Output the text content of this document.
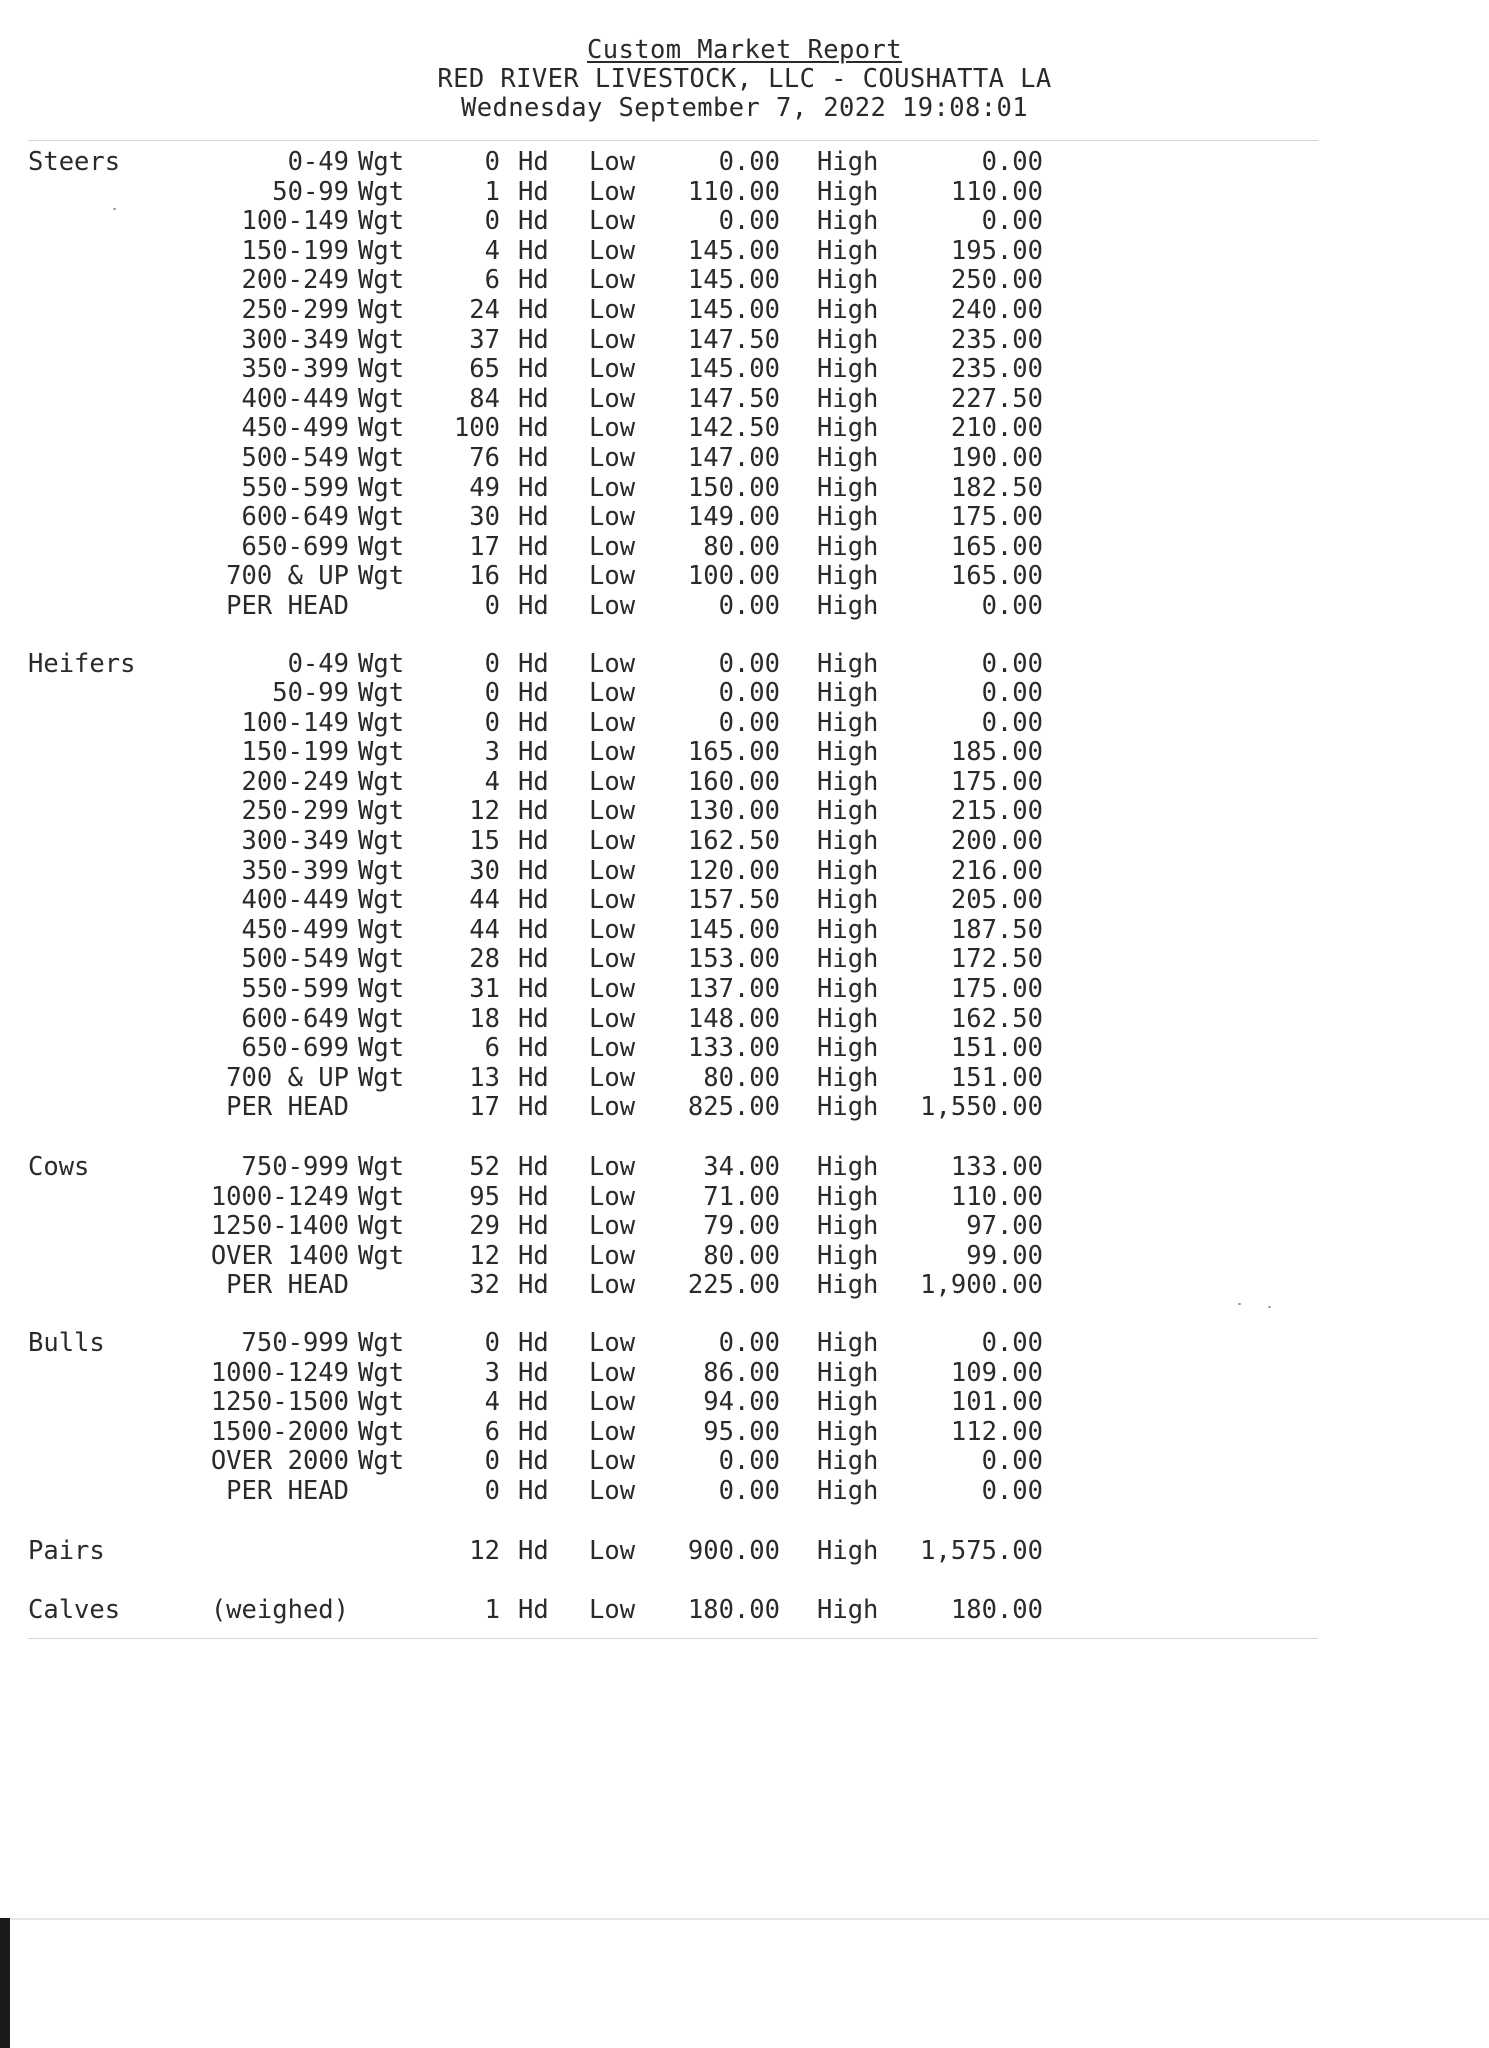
Custom Market Report
RED RIVER LIVESTOCK, LLC - COUSHATTA LA
Wednesday September 7, 2022 19:08:01
Steers	0-49 Wgt	0 Hd Low	0.00 High	0.00
50-99 Wgt	1 Hd Low	110.00 High	110.00
100-149 Wgt	0 Hd Low	0.00 High	0.00
150-199 Wgt	4 Hd Low	145.00 High	195.00
200-249 Wgt	6 Hd Low	145.00 High	250.00
250-299 Wgt	24 Hd Low	145.00 High	240.00
300-349 Wgt	37 Hd Low	147.50 High	235.00
350-399 Wgt	65 Hd Low	145.00 High	235.00
400-449 Wgt	84 Hd Low	147.50 High	227.50
450-499 Wgt	100 Hd Low	142.50 High	210.00
500-549 Wgt	76 Hd Low	147.00 High	190.00
550-599 Wgt	49 Hd Low	150.00 High	182.50
600-649 Wgt	30 Hd Low	149.00 High	175.00
650-699 Wgt	17 Hd Low	80.00 High	165.00
700 & UP Wgt	16 Hd Low	100.00 High	165.00
PER HEAD	0 Hd Low	0.00 High	0.00
Heifers	0-49 Wgt	0 Hd Low	0.00 High	0.00
50-99 Wgt	0 Hd Low	0.00 High	0.00
100-149 Wgt	0 Hd Low	0.00 High	0.00
150-199 Wgt	3 Hd Low	165.00 High	185.00
200-249 Wgt	4 Hd Low	160.00 High	175.00
250-299 Wgt	12 Hd Low	130.00 High	215.00
300-349 Wgt	15 Hd Low	162.50 High	200.00
350-399 Wgt	30 Hd Low	120.00 High	216.00
400-449 Wgt	44 Hd Low	157.50 High	205.00
450-499 Wgt	44 Hd Low	145.00 High	187.50
500-549 Wgt	28 Hd Low	153.00 High	172.50
550-599 Wgt	31 Hd Low	137.00 High	175.00
600-649 Wgt	18 Hd Low	148.00 High	162.50
650-699 Wgt	6 Hd Low	133.00 High	151.00
700 & UP Wgt	13 Hd Low	80.00 High	151.00
PER HEAD	17 Hd Low	825.00 High	1,550.00
Cows	750-999 Wgt	52 Hd Low	34.00 High	133.00
1000-1249 Wgt	95 Hd Low	71.00 High	110.00
1250-1400 Wgt	29 Hd Low	79.00 High	97.00
OVER 1400 Wgt	12 Hd Low	80.00 High	99.00
PER HEAD	32 Hd Low	225.00 High	1,900.00
Bulls	750-999 Wgt	0 Hd Low	0.00 High	0.00
1000-1249 Wgt	3 Hd Low	86.00 High	109.00
1250-1500 Wgt	4 Hd Low	94.00 High	101.00
1500-2000 Wgt	6 Hd Low	95.00 High	112.00
OVER 2000 Wgt	0 Hd Low	0.00 High	0.00
PER HEAD	0 Hd Low	0.00 High	0.00
Pairs	12 Hd Low	900.00 High	1,575.00
Calves	(weighed)	1 Hd Low	180.00 High	180.00
